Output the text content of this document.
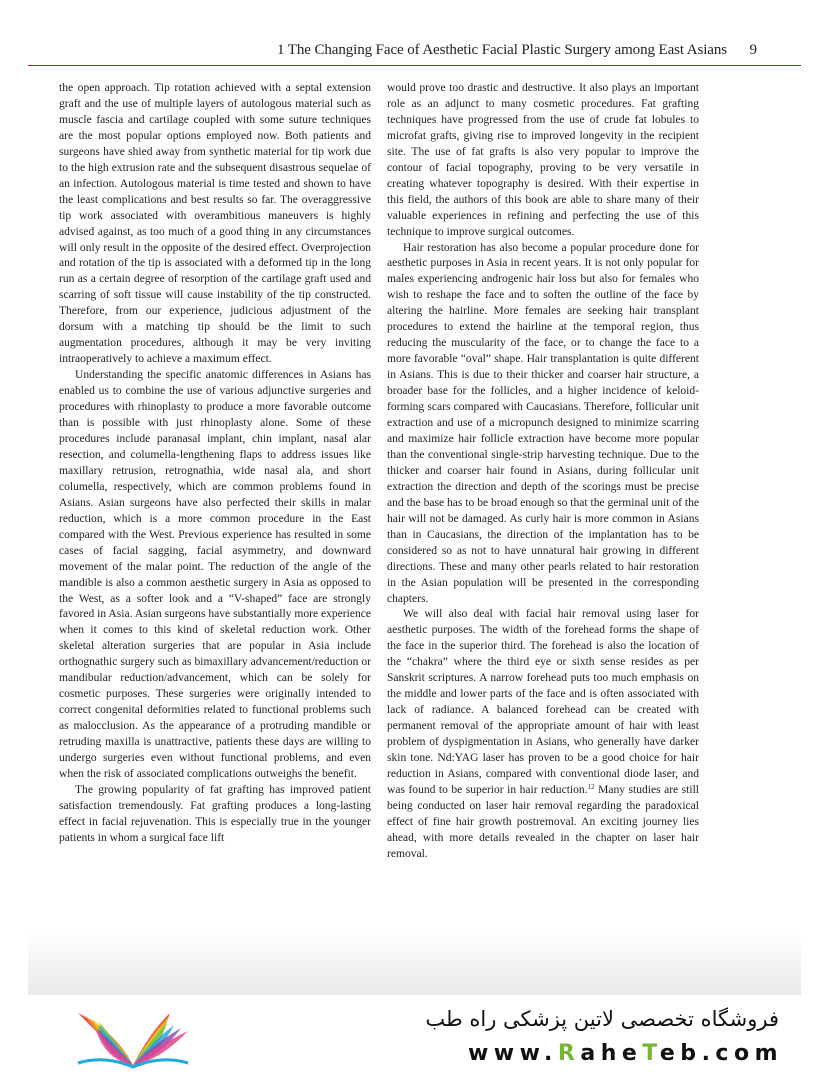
1 The Changing Face of Aesthetic Facial Plastic Surgery among East Asians 9

the open approach. Tip rotation achieved with a septal extension graft and the use of multiple layers of autologous material such as muscle fascia and cartilage coupled with some suture techniques are the most popular options employed now. Both patients and surgeons have shied away from synthetic material for tip work due to the high extrusion rate and the subsequent disastrous sequelae of an infection. Autologous material is time tested and shown to have the least complications and best results so far. The overaggressive tip work associated with overambitious maneuvers is highly advised against, as too much of a good thing in any circumstances will only result in the opposite of the desired effect. Overprojection and rotation of the tip is associated with a deformed tip in the long run as a certain degree of resorption of the cartilage graft used and scarring of soft tissue will cause instability of the tip constructed. Therefore, from our experience, judicious adjustment of the dorsum with a matching tip should be the limit to such augmentation procedures, although it may be very inviting intraoperatively to achieve a maximum effect.

Understanding the specific anatomic differences in Asians has enabled us to combine the use of various adjunctive surgeries and procedures with rhinoplasty to produce a more favorable outcome than is possible with just rhinoplasty alone. Some of these procedures include paranasal implant, chin implant, nasal alar resection, and columella-lengthening flaps to address issues like maxillary retrusion, retrognathia, wide nasal ala, and short columella, respectively, which are common problems found in Asians. Asian surgeons have also perfected their skills in malar reduction, which is a more common procedure in the East compared with the West. Previous experience has resulted in some cases of facial sagging, facial asymmetry, and downward movement of the malar point. The reduction of the angle of the mandible is also a common aesthetic surgery in Asia as opposed to the West, as a softer look and a “V-shaped” face are strongly favored in Asia. Asian surgeons have substantially more experience when it comes to this kind of skeletal reduction work. Other skeletal alteration surgeries that are popular in Asia include orthognathic surgery such as bimaxillary advancement/reduction or mandibular reduction/advancement, which can be solely for cosmetic purposes. These surgeries were originally intended to correct congenital deformities related to functional problems such as malocclusion. As the appearance of a protruding mandible or retruding maxilla is unattractive, patients these days are willing to undergo surgeries even without functional problems, and even when the risk of associated complications outweighs the benefit.

The growing popularity of fat grafting has improved patient satisfaction tremendously. Fat grafting produces a long-lasting effect in facial rejuvenation. This is especially true in the younger patients in whom a surgical face lift

would prove too drastic and destructive. It also plays an important role as an adjunct to many cosmetic procedures. Fat grafting techniques have progressed from the use of crude fat lobules to microfat grafts, giving rise to improved longevity in the recipient site. The use of fat grafts is also very popular to improve the contour of facial topography, proving to be very versatile in creating whatever topography is desired. With their expertise in this field, the authors of this book are able to share many of their valuable experiences in refining and perfecting the use of this technique to improve surgical outcomes.

Hair restoration has also become a popular procedure done for aesthetic purposes in Asia in recent years. It is not only popular for males experiencing androgenic hair loss but also for females who wish to reshape the face and to soften the outline of the face by altering the hairline. More females are seeking hair transplant procedures to extend the hairline at the temporal region, thus reducing the muscularity of the face, or to change the face to a more favorable “oval” shape. Hair transplantation is quite different in Asians. This is due to their thicker and coarser hair structure, a broader base for the follicles, and a higher incidence of keloid-forming scars compared with Caucasians. Therefore, follicular unit extraction and use of a micropunch designed to minimize scarring and maximize hair follicle extraction have become more popular than the conventional single-strip harvesting technique. Due to the thicker and coarser hair found in Asians, during follicular unit extraction the direction and depth of the scorings must be precise and the base has to be broad enough so that the germinal unit of the hair will not be damaged. As curly hair is more common in Asians than in Caucasians, the direction of the implantation has to be considered so as not to have unnatural hair growing in different directions. These and many other pearls related to hair restoration in the Asian population will be presented in the corresponding chapters.

We will also deal with facial hair removal using laser for aesthetic purposes. The width of the forehead forms the shape of the face in the superior third. The forehead is also the location of the “chakra” where the third eye or sixth sense resides as per Sanskrit scriptures. A narrow forehead puts too much emphasis on the middle and lower parts of the face and is often associated with lack of radiance. A balanced forehead can be created with permanent removal of the appropriate amount of hair with least problem of dyspigmentation in Asians, who generally have darker skin tone. Nd:YAG laser has proven to be a good choice for hair reduction in Asians, compared with conventional diode laser, and was found to be superior in hair reduction.$^{12}$ Many studies are still being conducted on laser hair removal regarding the paradoxical effect of fine hair growth postremoval. An exciting journey lies ahead, with more details revealed in the chapter on laser hair removal.

فروشگاه تخصصی لاتین پزشکی راه طب
www.RaheTeb.com
